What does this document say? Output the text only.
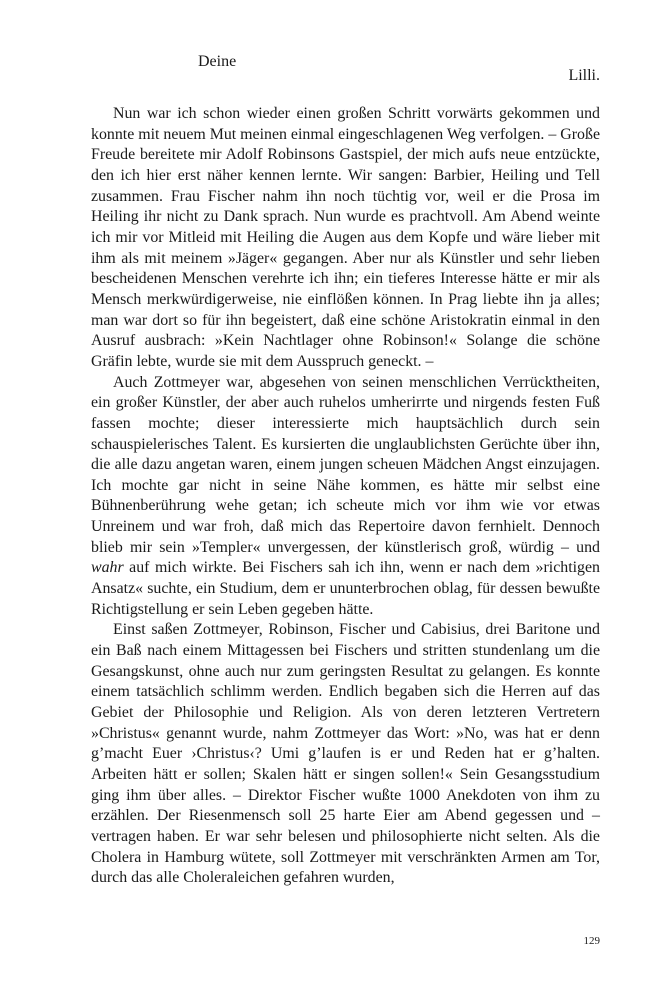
Deine
Lilli.

Nun war ich schon wieder einen großen Schritt vorwärts gekommen und konnte mit neuem Mut meinen einmal eingeschlagenen Weg verfolgen. – Große Freude bereitete mir Adolf Robinsons Gastspiel, der mich aufs neue entzückte, den ich hier erst näher kennen lernte. Wir sangen: Barbier, Heiling und Tell zusammen. Frau Fischer nahm ihn noch tüchtig vor, weil er die Prosa im Heiling ihr nicht zu Dank sprach. Nun wurde es prachtvoll. Am Abend weinte ich mir vor Mitleid mit Heiling die Augen aus dem Kopfe und wäre lieber mit ihm als mit meinem »Jäger« gegangen. Aber nur als Künstler und sehr lieben bescheidenen Menschen verehrte ich ihn; ein tieferes Interesse hätte er mir als Mensch merkwürdigerweise, nie einflößen können. In Prag liebte ihn ja alles; man war dort so für ihn begeistert, daß eine schöne Aristokratin einmal in den Ausruf ausbrach: »Kein Nachtlager ohne Robinson!« Solange die schöne Gräfin lebte, wurde sie mit dem Ausspruch geneckt. –

Auch Zottmeyer war, abgesehen von seinen menschlichen Verrücktheiten, ein großer Künstler, der aber auch ruhelos umherirrte und nirgends festen Fuß fassen mochte; dieser interessierte mich hauptsächlich durch sein schauspielerisches Talent. Es kursierten die unglaublichsten Gerüchte über ihn, die alle dazu angetan waren, einem jungen scheuen Mädchen Angst einzujagen. Ich mochte gar nicht in seine Nähe kommen, es hätte mir selbst eine Bühnenberührung wehe getan; ich scheute mich vor ihm wie vor etwas Unreinem und war froh, daß mich das Repertoire davon fernhielt. Dennoch blieb mir sein »Templer« unvergessen, der künstlerisch groß, würdig – und wahr auf mich wirkte. Bei Fischers sah ich ihn, wenn er nach dem »richtigen Ansatz« suchte, ein Studium, dem er ununterbrochen oblag, für dessen bewußte Richtigstellung er sein Leben gegeben hätte.

Einst saßen Zottmeyer, Robinson, Fischer und Cabisius, drei Baritone und ein Baß nach einem Mittagessen bei Fischers und stritten stundenlang um die Gesangskunst, ohne auch nur zum geringsten Resultat zu gelangen. Es konnte einem tatsächlich schlimm werden. Endlich begaben sich die Herren auf das Gebiet der Philosophie und Religion. Als von deren letzteren Vertretern »Christus« genannt wurde, nahm Zottmeyer das Wort: »No, was hat er denn g’macht Euer ›Christus‹? Umi g’laufen is er und Reden hat er g’halten. Arbeiten hätt er sollen; Skalen hätt er singen sollen!« Sein Gesangsstudium ging ihm über alles. – Direktor Fischer wußte 1000 Anekdoten von ihm zu erzählen. Der Riesenmensch soll 25 harte Eier am Abend gegessen und – vertragen haben. Er war sehr belesen und philosophierte nicht selten. Als die Cholera in Hamburg wütete, soll Zottmeyer mit verschränkten Armen am Tor, durch das alle Choleraleichen gefahren wurden,

129
